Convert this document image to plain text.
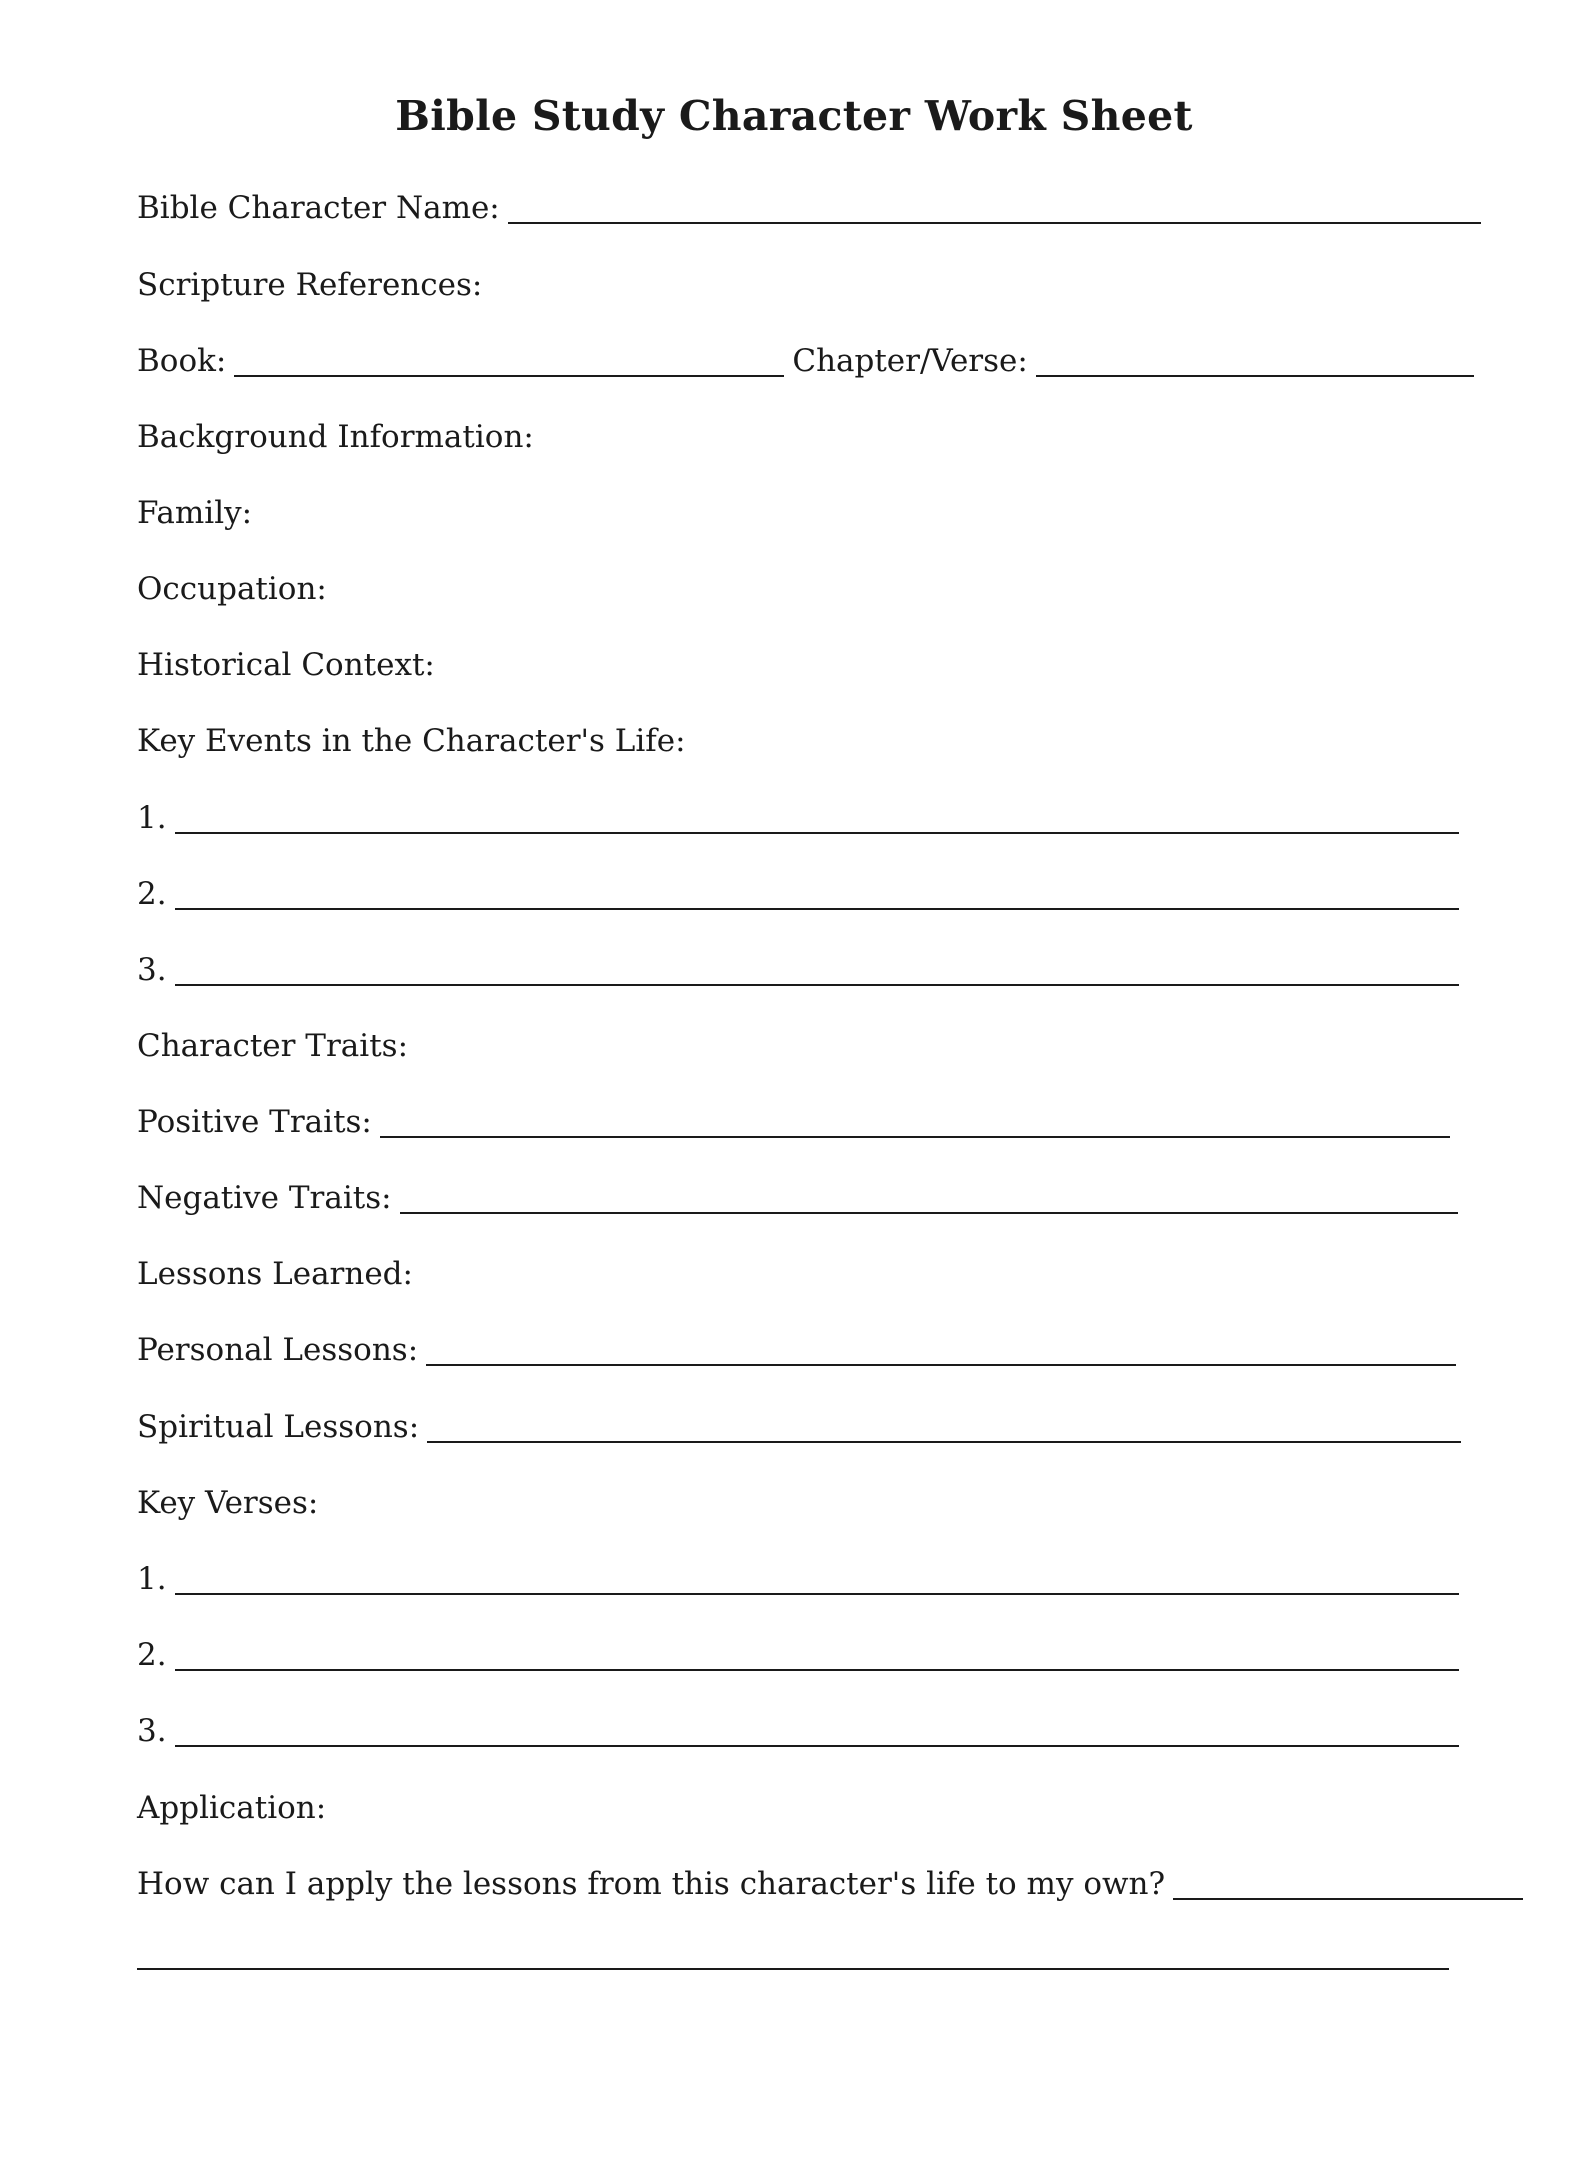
Bible Study Character Work Sheet
Bible Character Name:
Scripture References:
Book:	Chapter/Verse:
Background Information:
Family:
Occupation:
Historical Context:
Key Events in the Character's Life:
1.
2.
3.
Character Traits:
Positive Traits:
Negative Traits:
Lessons Learned:
Personal Lessons:
Spiritual Lessons:
Key Verses:
1.
2.
3.
Application:
How can I apply the lessons from this character's life to my own?
